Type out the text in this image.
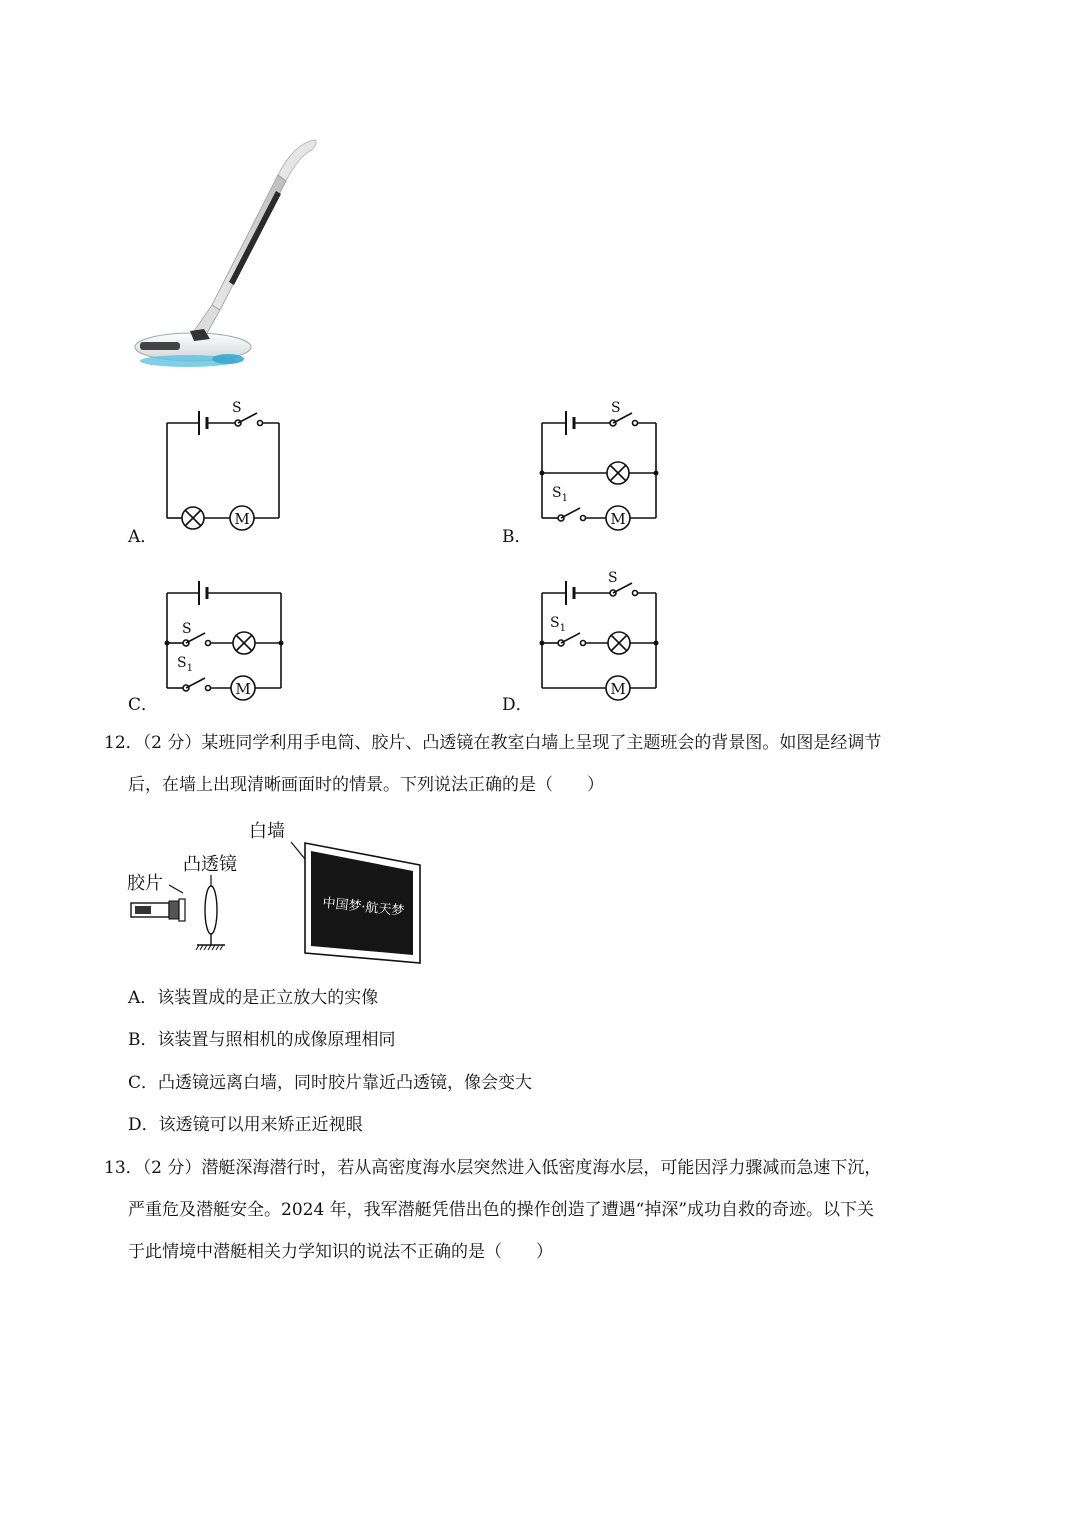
M
S
A．
M
S
$S_1$
B．
M
S
$S_1$
C．
M
S
$S_1$
D．
12．（2 分）某班同学利用手电筒、胶片、凸透镜在教室白墙上呈现了主题班会的背景图。如图是经调节
后，在墙上出现清晰画面时的情景。下列说法正确的是（　　）
白墙
凸透镜
胶片
中国梦·航天梦
A．该装置成的是正立放大的实像
B．该装置与照相机的成像原理相同
C．凸透镜远离白墙，同时胶片靠近凸透镜，像会变大
D．该透镜可以用来矫正近视眼
13．（2 分）潜艇深海潜行时，若从高密度海水层突然进入低密度海水层，可能因浮力骤减而急速下沉，
严重危及潜艇安全。2024 年，我军潜艇凭借出色的操作创造了遭遇“掉深”成功自救的奇迹。以下关
于此情境中潜艇相关力学知识的说法不正确的是（　　）
